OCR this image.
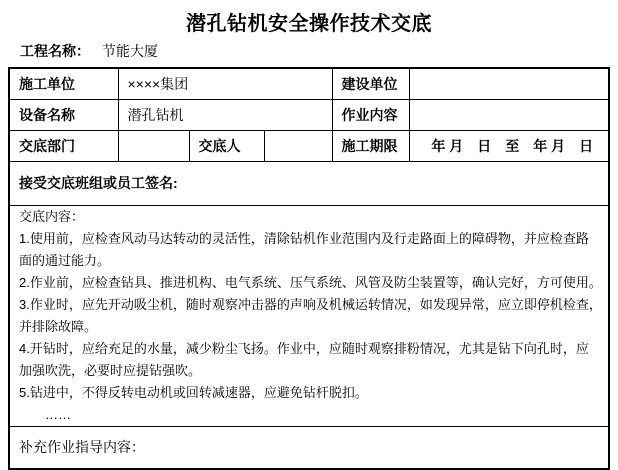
潜孔钻机安全操作技术交底
工程名称： 节能大厦
施工单位	××××集团			建设单位	
设备名称	潜孔钻机			作业内容	
交底部门		交底人		施工期限	年 月　日　至　年 月　日
接受交底班组或员工签名:					

交底内容：
1.使用前，应检查风动马达转动的灵活性，清除钻机作业范围内及行走路面上的障碍物，并应检查路
面的通过能力。
2.作业前，应检查钻具、推进机构、电气系统、压气系统、风管及防尘装置等，确认完好，方可使用。
3.作业时，应先开动吸尘机，随时观察冲击器的声响及机械运转情况，如发现异常，应立即停机检查，
并排除故障。
4.开钻时，应给充足的水量，减少粉尘飞扬。作业中，应随时观察排粉情况，尤其是钻下向孔时，应
加强吹洗，必要时应提钻强吹。
5.钻进中，不得反转电动机或回转减速器，应避免钻杆脱扣。
　　……

补充作业指导内容：					
